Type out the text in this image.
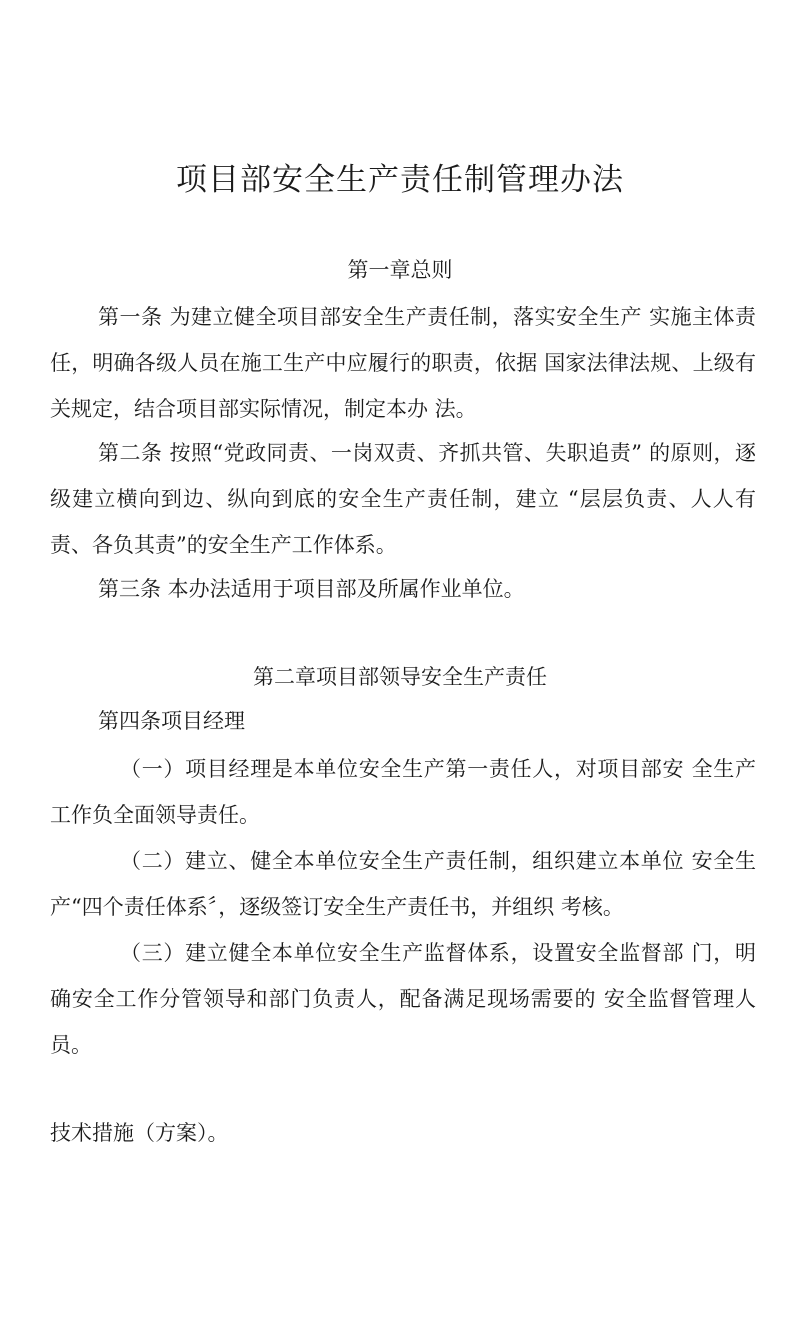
项目部安全生产责任制管理办法
第一章总则

第一条 为建立健全项目部安全生产责任制，落实安全生产 实施主体责任，明确各级人员在施工生产中应履行的职责，依据 国家法律法规、上级有关规定，结合项目部实际情况，制定本办 法。

第二条 按照“党政同责、一岗双责、齐抓共管、失职追责” 的原则，逐级建立横向到边、纵向到底的安全生产责任制，建立 “层层负责、人人有责、各负其责”的安全生产工作体系。

第三条 本办法适用于项目部及所属作业单位。

第二章项目部领导安全生产责任

第四条项目经理

（一）项目经理是本单位安全生产第一责任人，对项目部安 全生产工作负全面领导责任。

（二）建立、健全本单位安全生产责任制，组织建立本单位 安全生产“四个责任体系〞，逐级签订安全生产责任书，并组织 考核。

（三）建立健全本单位安全生产监督体系，设置安全监督部 门，明确安全工作分管领导和部门负责人，配备满足现场需要的 安全监督管理人员。

技术措施（方案）。
